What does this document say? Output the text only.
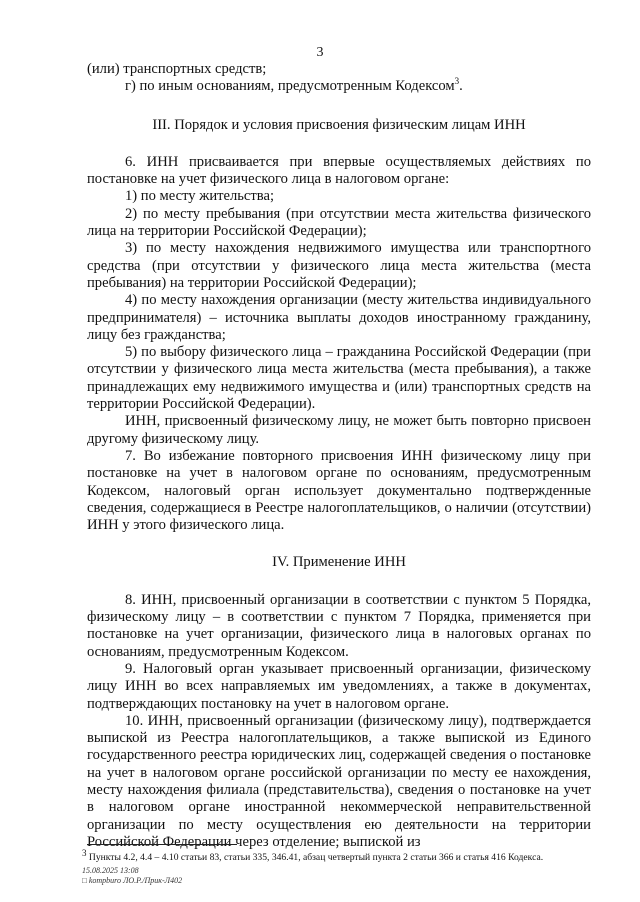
3

(или) транспортных средств;

г) по иным основаниям, предусмотренным Кодексом$^3$.

III. Порядок и условия присвоения физическим лицам ИНН

6. ИНН присваивается при впервые осуществляемых действиях по постановке на учет физического лица в налоговом органе:

1) по месту жительства;

2) по месту пребывания (при отсутствии места жительства физического лица на территории Российской Федерации);

3) по месту нахождения недвижимого имущества или транспортного средства (при отсутствии у физического лица места жительства (места пребывания) на территории Российской Федерации);

4) по месту нахождения организации (месту жительства индивидуального предпринимателя) – источника выплаты доходов иностранному гражданину, лицу без гражданства;

5) по выбору физического лица – гражданина Российской Федерации (при отсутствии у физического лица места жительства (места пребывания), а также принадлежащих ему недвижимого имущества и (или) транспортных средств на территории Российской Федерации).

ИНН, присвоенный физическому лицу, не может быть повторно присвоен другому физическому лицу.

7. Во избежание повторного присвоения ИНН физическому лицу при постановке на учет в налоговом органе по основаниям, предусмотренным Кодексом, налоговый орган использует документально подтвержденные сведения, содержащиеся в Реестре налогоплательщиков, о наличии (отсутствии) ИНН у этого физического лица.

IV. Применение ИНН

8. ИНН, присвоенный организации в соответствии с пунктом 5 Порядка, физическому лицу – в соответствии с пунктом 7 Порядка, применяется при постановке на учет организации, физического лица в налоговых органах по основаниям, предусмотренным Кодексом.

9. Налоговый орган указывает присвоенный организации, физическому лицу ИНН во всех направляемых им уведомлениях, а также в документах, подтверждающих постановку на учет в налоговом органе.

10. ИНН, присвоенный организации (физическому лицу), подтверждается выпиской из Реестра налогоплательщиков, а также выпиской из Единого государственного реестра юридических лиц, содержащей сведения о постановке на учет в налоговом органе российской организации по месту ее нахождения, месту нахождения филиала (представительства), сведения о постановке на учет в налоговом органе иностранной некоммерческой неправительственной организации по месту осуществления ею деятельности на территории Российской Федерации через отделение; выпиской из

$^3$ Пункты 4.2, 4.4 – 4.10 статьи 83, статьи 335, 346.41, абзац четвертый пункта 2 статьи 366 и статья 416 Кодекса.
15.08.2025 13:08
□ kompburo ЛО.Р./Прик-Л402
